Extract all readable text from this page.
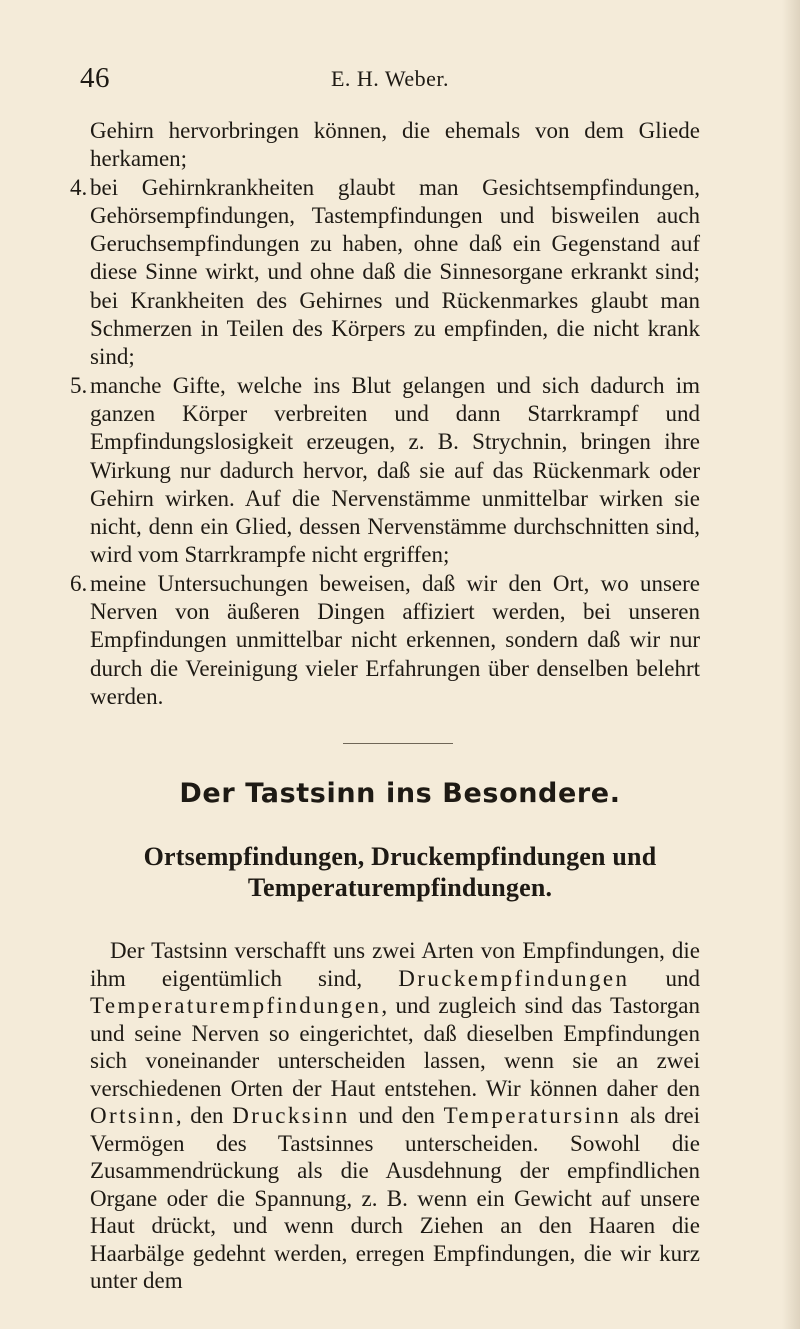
46	E. H. Weber.
Gehirn hervorbringen können, die ehemals von dem Gliede herkamen;
4. bei Gehirnkrankheiten glaubt man Gesichtsempfindungen, Gehörsempfindungen, Tastempfindungen und bisweilen auch Geruchsempfindungen zu haben, ohne daß ein Gegenstand auf diese Sinne wirkt, und ohne daß die Sinnesorgane erkrankt sind; bei Krankheiten des Gehirnes und Rückenmarkes glaubt man Schmerzen in Teilen des Körpers zu empfinden, die nicht krank sind;
5. manche Gifte, welche ins Blut gelangen und sich dadurch im ganzen Körper verbreiten und dann Starrkrampf und Empfindungslosigkeit erzeugen, z. B. Strychnin, bringen ihre Wirkung nur dadurch hervor, daß sie auf das Rückenmark oder Gehirn wirken. Auf die Nervenstämme unmittelbar wirken sie nicht, denn ein Glied, dessen Nervenstämme durchschnitten sind, wird vom Starrkrampfe nicht ergriffen;
6. meine Untersuchungen beweisen, daß wir den Ort, wo unsere Nerven von äußeren Dingen affiziert werden, bei unseren Empfindungen unmittelbar nicht erkennen, sondern daß wir nur durch die Vereinigung vieler Erfahrungen über denselben belehrt werden.
Der Tastsinn ins Besondere.
Ortsempfindungen, Druckempfindungen und
Temperaturempfindungen.

Der Tastsinn verschafft uns zwei Arten von Empfindungen, die ihm eigentümlich sind, Druckempfindungen und Temperaturempfindungen, und zugleich sind das Tastorgan und seine Nerven so eingerichtet, daß dieselben Empfindungen sich voneinander unterscheiden lassen, wenn sie an zwei verschiedenen Orten der Haut entstehen. Wir können daher den Ortsinn, den Drucksinn und den Temperatursinn als drei Vermögen des Tastsinnes unterscheiden. Sowohl die Zusammendrückung als die Ausdehnung der empfindlichen Organe oder die Spannung, z. B. wenn ein Gewicht auf unsere Haut drückt, und wenn durch Ziehen an den Haaren die Haarbälge gedehnt werden, erregen Empfindungen, die wir kurz unter dem
